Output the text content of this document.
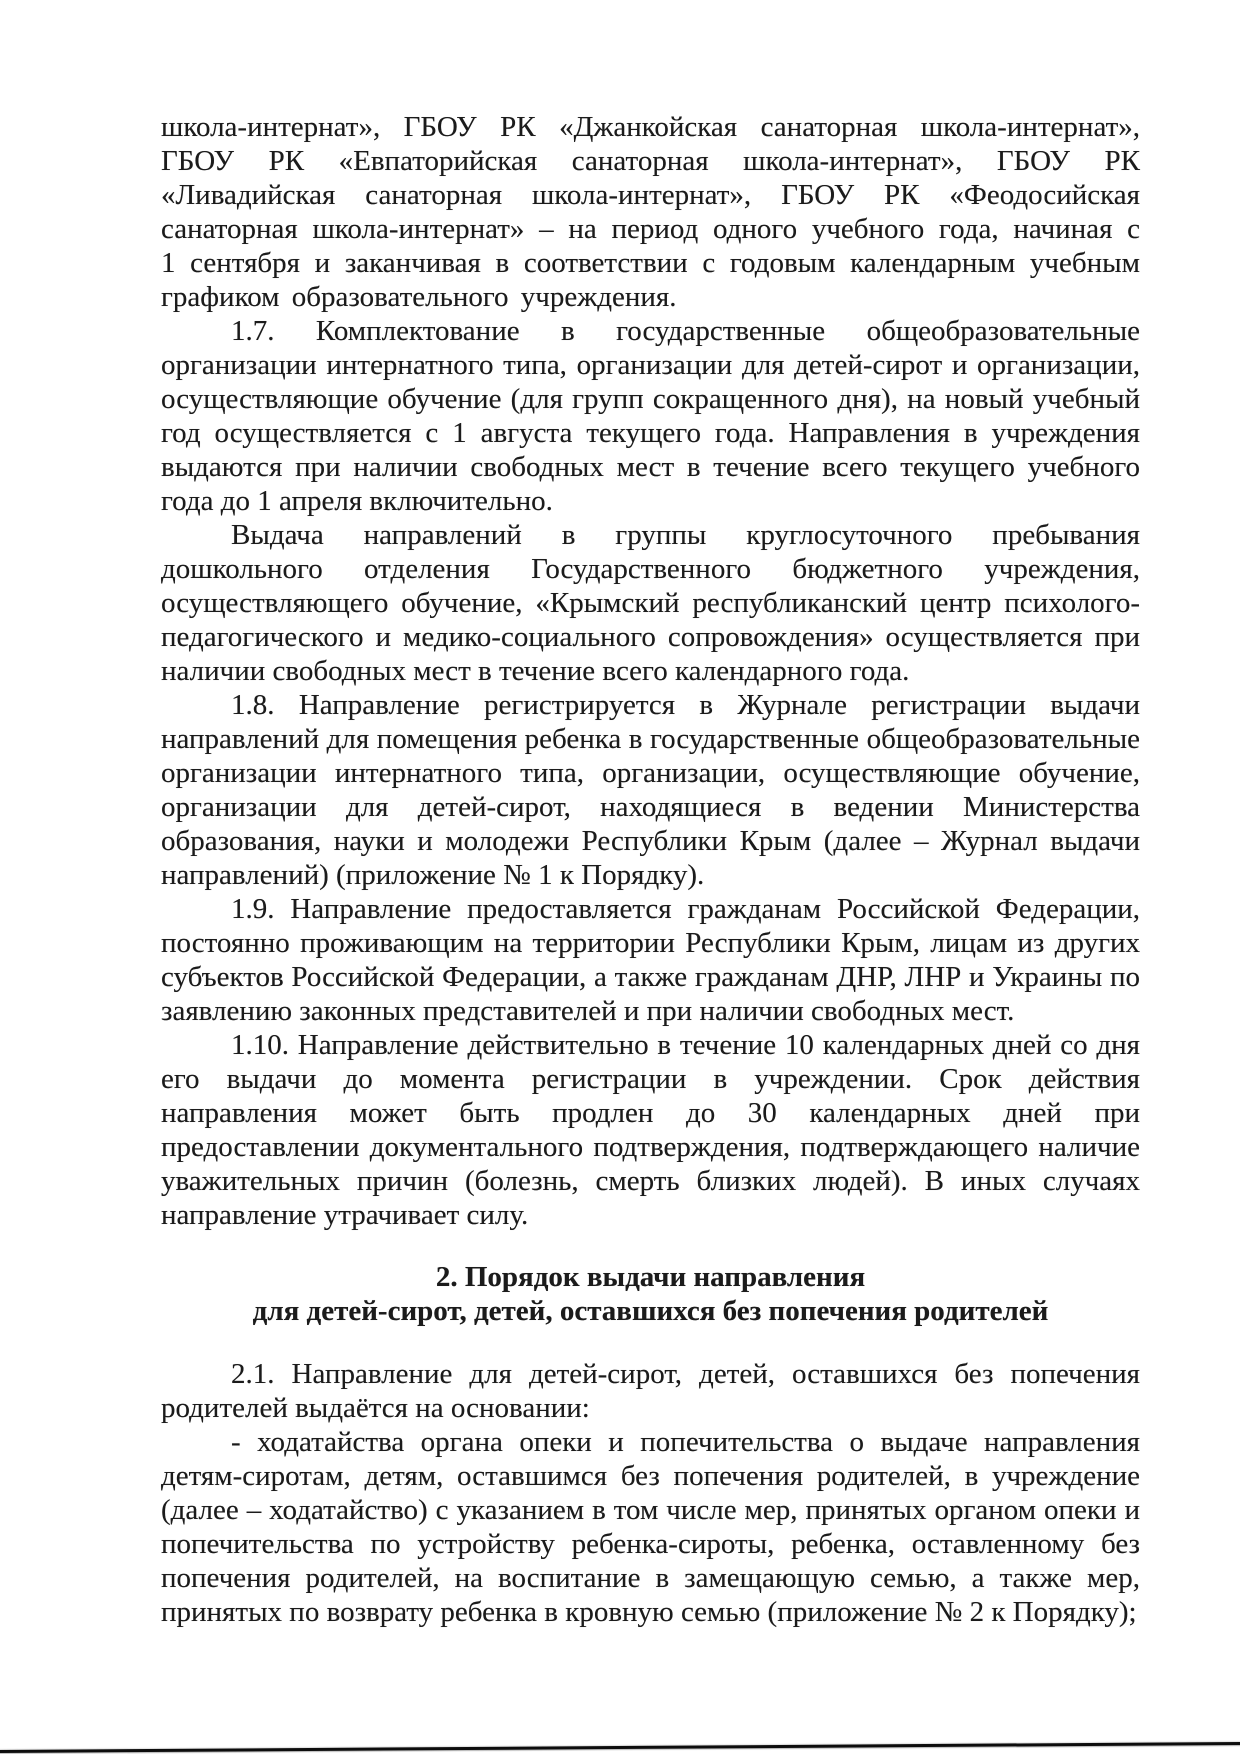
школа-интернат», ГБОУ РК «Джанкойская санаторная школа-интернат», ГБОУ РК «Евпаторийская санаторная школа-интернат», ГБОУ РК «Ливадийская санаторная школа-интернат», ГБОУ РК «Феодосийская санаторная школа-интернат» – на период одного учебного года, начиная с 1 сентября и заканчивая в соответствии с годовым календарным учебным графиком образовательного учреждения.

1.7. Комплектование в государственные общеобразовательные организации интернатного типа, организации для детей-сирот и организации, осуществляющие обучение (для групп сокращенного дня), на новый учебный год осуществляется с 1 августа текущего года. Направления в учреждения выдаются при наличии свободных мест в течение всего текущего учебного года до 1 апреля включительно.

Выдача направлений в группы круглосуточного пребывания дошкольного отделения Государственного бюджетного учреждения, осуществляющего обучение, «Крымский республиканский центр психолого-педагогического и медико-социального сопровождения» осуществляется при наличии свободных мест в течение всего календарного года.

1.8. Направление регистрируется в Журнале регистрации выдачи направлений для помещения ребенка в государственные общеобразовательные организации интернатного типа, организации, осуществляющие обучение, организации для детей-сирот, находящиеся в ведении Министерства образования, науки и молодежи Республики Крым (далее – Журнал выдачи направлений) (приложение № 1 к Порядку).

1.9. Направление предоставляется гражданам Российской Федерации, постоянно проживающим на территории Республики Крым, лицам из других субъектов Российской Федерации, а также гражданам ДНР, ЛНР и Украины по заявлению законных представителей и при наличии свободных мест.

1.10. Направление действительно в течение 10 календарных дней со дня его выдачи до момента регистрации в учреждении. Срок действия направления может быть продлен до 30 календарных дней при предоставлении документального подтверждения, подтверждающего наличие уважительных причин (болезнь, смерть близких людей). В иных случаях направление утрачивает силу.

2. Порядок выдачи направления
для детей-сирот, детей, оставшихся без попечения родителей

2.1. Направление для детей-сирот, детей, оставшихся без попечения родителей выдаётся на основании:

- ходатайства органа опеки и попечительства о выдаче направления детям-сиротам, детям, оставшимся без попечения родителей, в учреждение (далее – ходатайство) с указанием в том числе мер, принятых органом опеки и попечительства по устройству ребенка-сироты, ребенка, оставленному без попечения родителей, на воспитание в замещающую семью, а также мер, принятых по возврату ребенка в кровную семью (приложение № 2 к Порядку);
